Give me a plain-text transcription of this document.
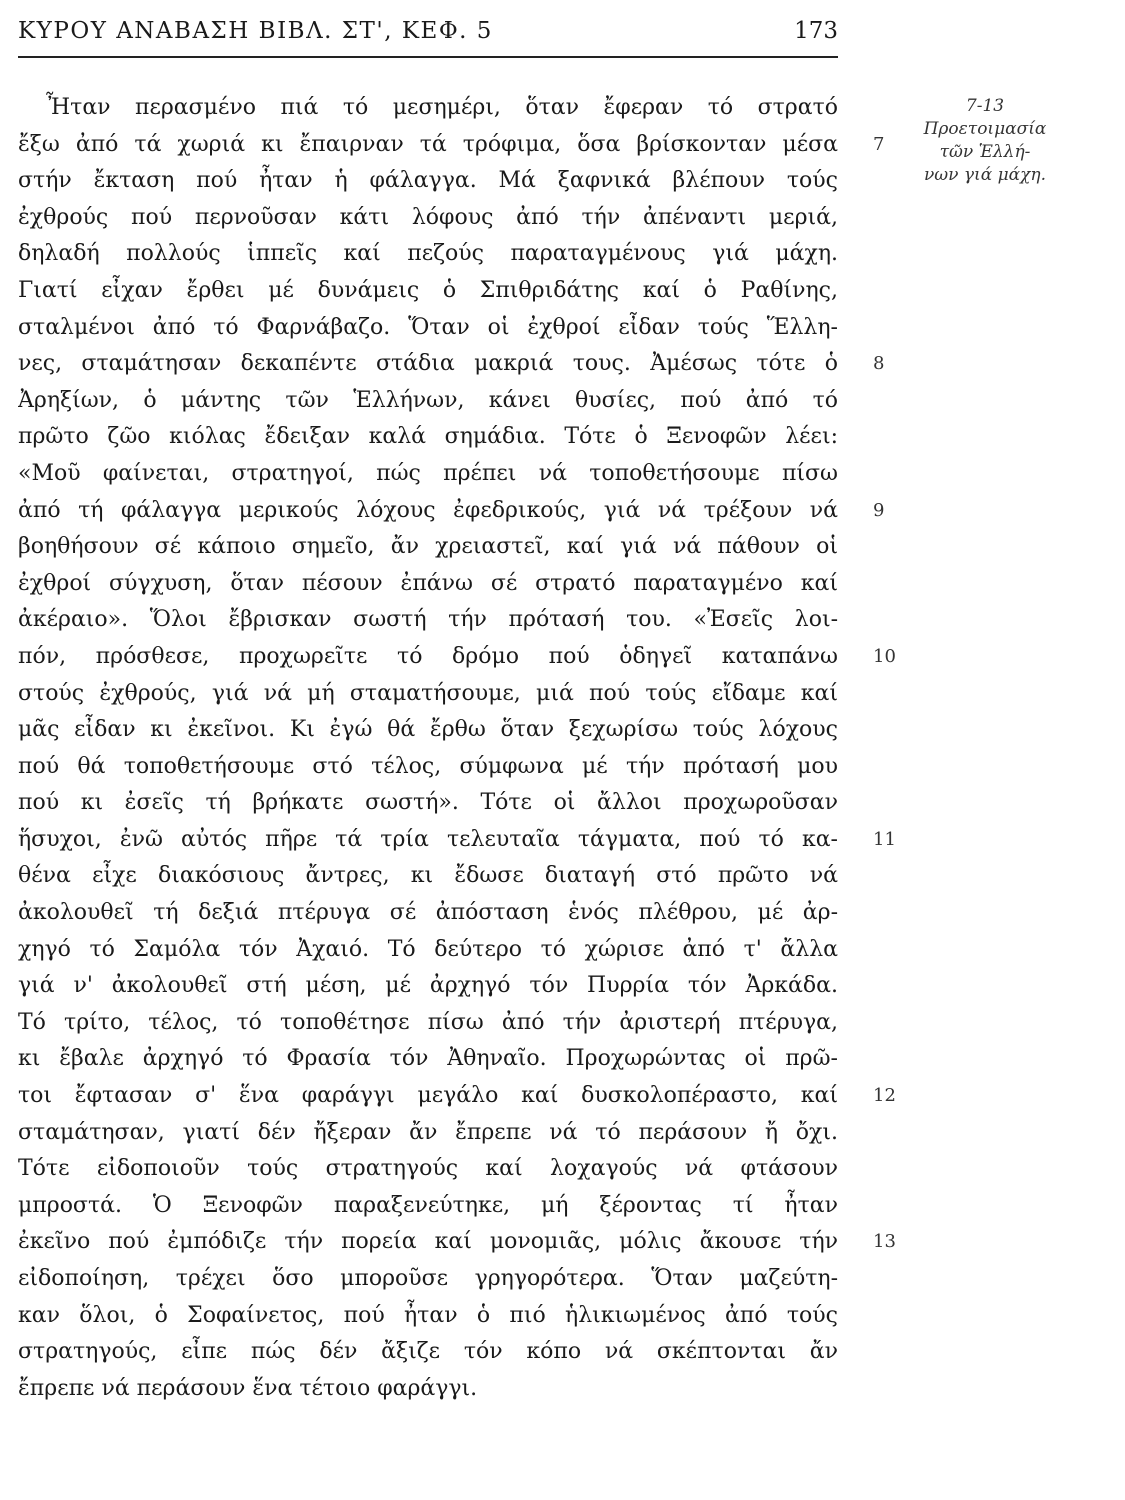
ΚΥΡΟΥ ΑΝΑΒΑΣΗ ΒΙΒΛ. ΣΤ', ΚΕΦ. 5	173
Ἦταν περασμένο πιά τό μεσημέρι, ὅταν ἔφεραν τό στρατό
7
ἔξω ἀπό τά χωριά κι ἔπαιρναν τά τρόφιμα, ὅσα βρίσκονταν μέσα
στήν ἔκταση πού ἦταν ἡ φάλαγγα. Μά ξαφνικά βλέπουν τούς
ἐχθρούς πού περνοῦσαν κάτι λόφους ἀπό τήν ἀπέναντι μεριά,
δηλαδή πολλούς ἱππεῖς καί πεζούς παραταγμένους γιά μάχη.
Γιατί εἶχαν ἔρθει μέ δυνάμεις ὁ Σπιθριδάτης καί ὁ Ραθίνης,
σταλμένοι ἀπό τό Φαρνάβαζο. Ὅταν οἱ ἐχθροί εἶδαν τούς Ἕλλη-
8
νες, σταμάτησαν δεκαπέντε στάδια μακριά τους. Ἀμέσως τότε ὁ
Ἀρηξίων, ὁ μάντης τῶν Ἑλλήνων, κάνει θυσίες, πού ἀπό τό
πρῶτο ζῶο κιόλας ἔδειξαν καλά σημάδια. Τότε ὁ Ξενοφῶν λέει:
«Μοῦ φαίνεται, στρατηγοί, πώς πρέπει νά τοποθετήσουμε πίσω
9
ἀπό τή φάλαγγα μερικούς λόχους ἐφεδρικούς, γιά νά τρέξουν νά
βοηθήσουν σέ κάποιο σημεῖο, ἄν χρειαστεῖ, καί γιά νά πάθουν οἱ
ἐχθροί σύγχυση, ὅταν πέσουν ἐπάνω σέ στρατό παραταγμένο καί
ἀκέραιο». Ὅλοι ἔβρισκαν σωστή τήν πρότασή του. «Ἐσεῖς λοι-
10
πόν, πρόσθεσε, προχωρεῖτε τό δρόμο πού ὁδηγεῖ καταπάνω
στούς ἐχθρούς, γιά νά μή σταματήσουμε, μιά πού τούς εἴδαμε καί
μᾶς εἶδαν κι ἐκεῖνοι. Κι ἐγώ θά ἔρθω ὅταν ξεχωρίσω τούς λόχους
πού θά τοποθετήσουμε στό τέλος, σύμφωνα μέ τήν πρότασή μου
πού κι ἐσεῖς τή βρήκατε σωστή». Τότε οἱ ἄλλοι προχωροῦσαν
11
ἥσυχοι, ἐνῶ αὐτός πῆρε τά τρία τελευταῖα τάγματα, πού τό κα-
θένα εἶχε διακόσιους ἄντρες, κι ἔδωσε διαταγή στό πρῶτο νά
ἀκολουθεῖ τή δεξιά πτέρυγα σέ ἀπόσταση ἑνός πλέθρου, μέ ἀρ-
χηγό τό Σαμόλα τόν Ἀχαιό. Τό δεύτερο τό χώρισε ἀπό τ' ἄλλα
γιά ν' ἀκολουθεῖ στή μέση, μέ ἀρχηγό τόν Πυρρία τόν Ἀρκάδα.
Τό τρίτο, τέλος, τό τοποθέτησε πίσω ἀπό τήν ἀριστερή πτέρυγα,
κι ἔβαλε ἀρχηγό τό Φρασία τόν Ἀθηναῖο. Προχωρώντας οἱ πρῶ-
12
τοι ἔφτασαν σ' ἕνα φαράγγι μεγάλο καί δυσκολοπέραστο, καί
σταμάτησαν, γιατί δέν ἤξεραν ἄν ἔπρεπε νά τό περάσουν ἤ ὄχι.
Τότε εἰδοποιοῦν τούς στρατηγούς καί λοχαγούς νά φτάσουν
μπροστά. Ὁ Ξενοφῶν παραξενεύτηκε, μή ξέροντας τί ἦταν
13
ἐκεῖνο πού ἐμπόδιζε τήν πορεία καί μονομιᾶς, μόλις ἄκουσε τήν
εἰδοποίηση, τρέχει ὅσο μποροῦσε γρηγορότερα. Ὅταν μαζεύτη-
καν ὅλοι, ὁ Σοφαίνετος, πού ἦταν ὁ πιό ἡλικιωμένος ἀπό τούς
στρατηγούς, εἶπε πώς δέν ἄξιζε τόν κόπο νά σκέπτονται ἄν
ἔπρεπε νά περάσουν ἕνα τέτοιο φαράγγι.
7-13
Προετοιμασία
τῶν Ἑλλή-
νων γιά μάχη.
